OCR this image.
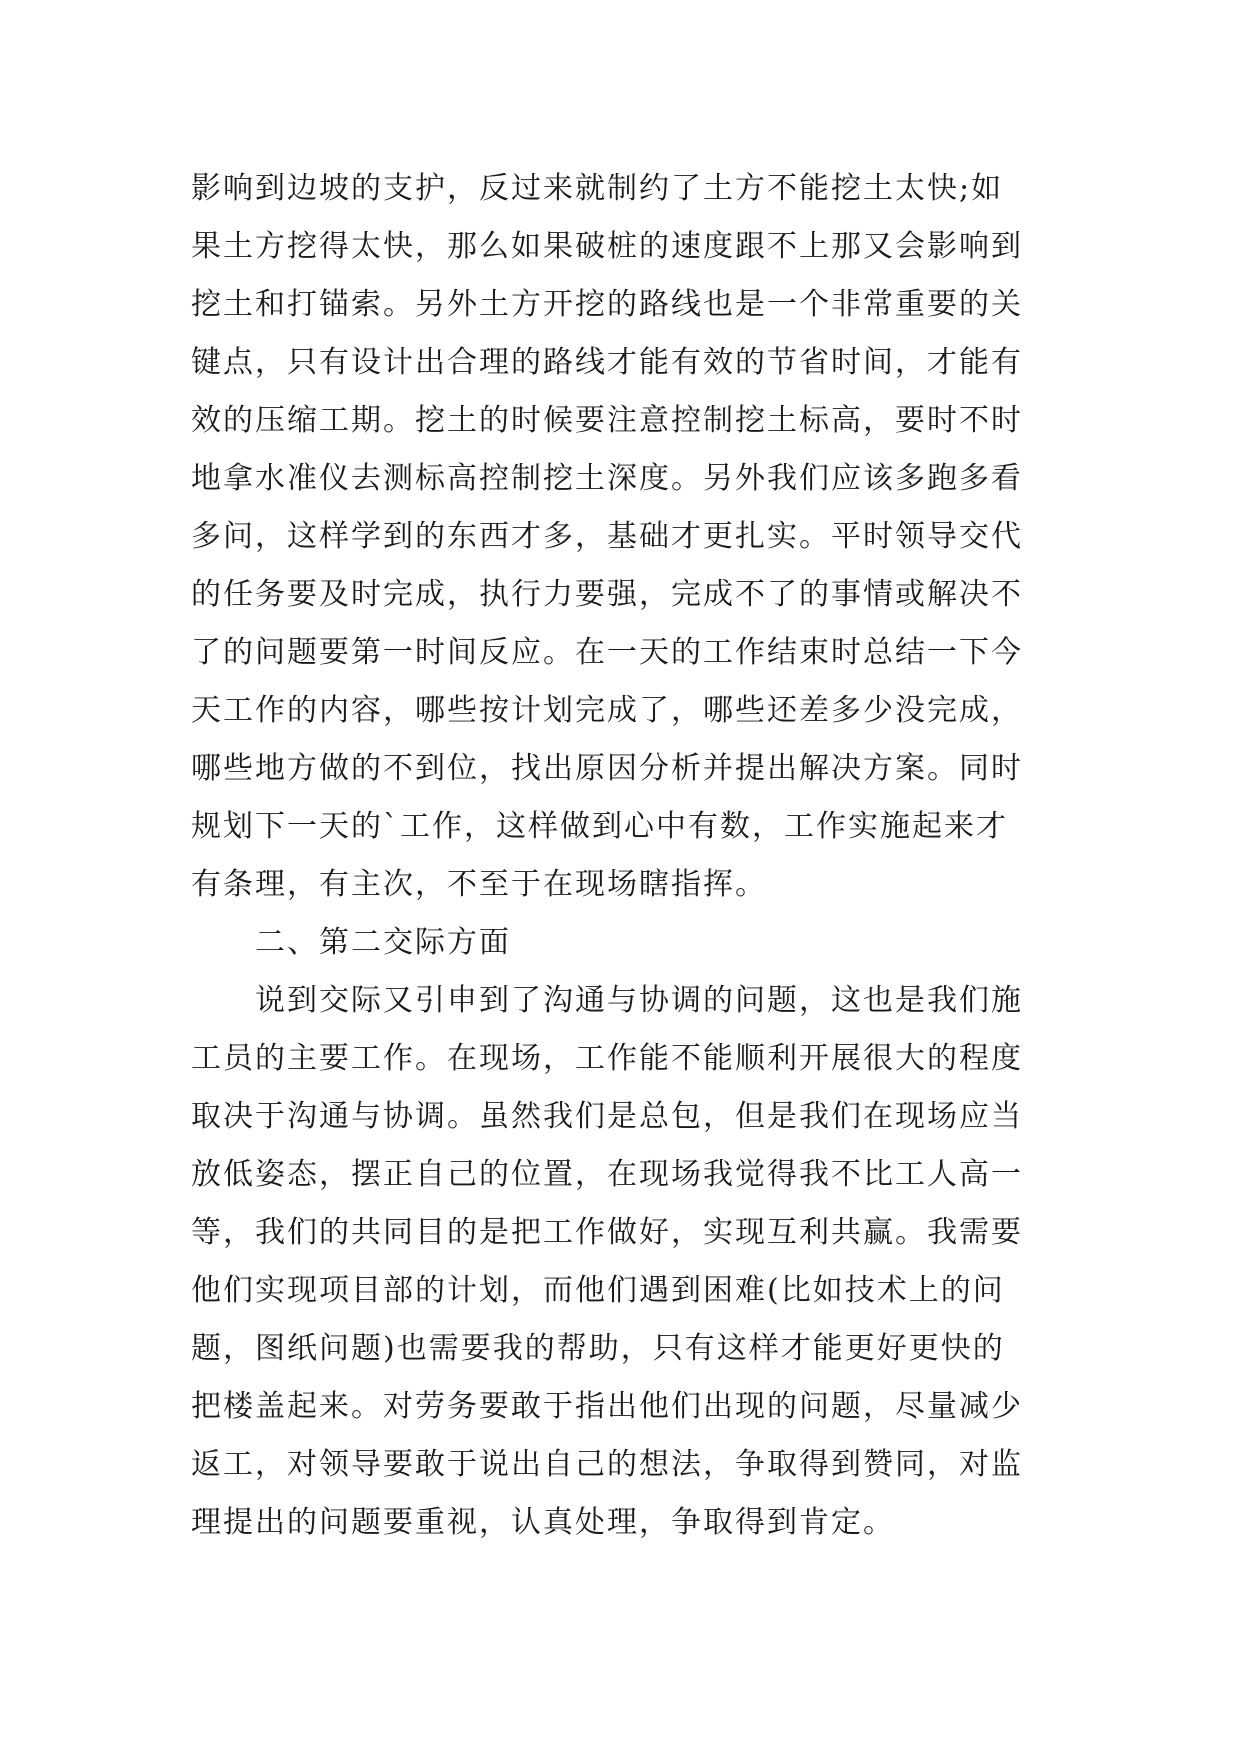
影响到边坡的支护，反过来就制约了土方不能挖土太快;如
果土方挖得太快，那么如果破桩的速度跟不上那又会影响到
挖土和打锚索。另外土方开挖的路线也是一个非常重要的关
键点，只有设计出合理的路线才能有效的节省时间，才能有
效的压缩工期。挖土的时候要注意控制挖土标高，要时不时
地拿水准仪去测标高控制挖土深度。另外我们应该多跑多看
多问，这样学到的东西才多，基础才更扎实。平时领导交代
的任务要及时完成，执行力要强，完成不了的事情或解决不
了的问题要第一时间反应。在一天的工作结束时总结一下今
天工作的内容，哪些按计划完成了，哪些还差多少没完成，
哪些地方做的不到位，找出原因分析并提出解决方案。同时
规划下一天的`工作，这样做到心中有数，工作实施起来才
有条理，有主次，不至于在现场瞎指挥。
二、第二交际方面
说到交际又引申到了沟通与协调的问题，这也是我们施
工员的主要工作。在现场，工作能不能顺利开展很大的程度
取决于沟通与协调。虽然我们是总包，但是我们在现场应当
放低姿态，摆正自己的位置，在现场我觉得我不比工人高一
等，我们的共同目的是把工作做好，实现互利共赢。我需要
他们实现项目部的计划，而他们遇到困难(比如技术上的问
题，图纸问题)也需要我的帮助，只有这样才能更好更快的
把楼盖起来。对劳务要敢于指出他们出现的问题，尽量减少
返工，对领导要敢于说出自己的想法，争取得到赞同，对监
理提出的问题要重视，认真处理，争取得到肯定。
